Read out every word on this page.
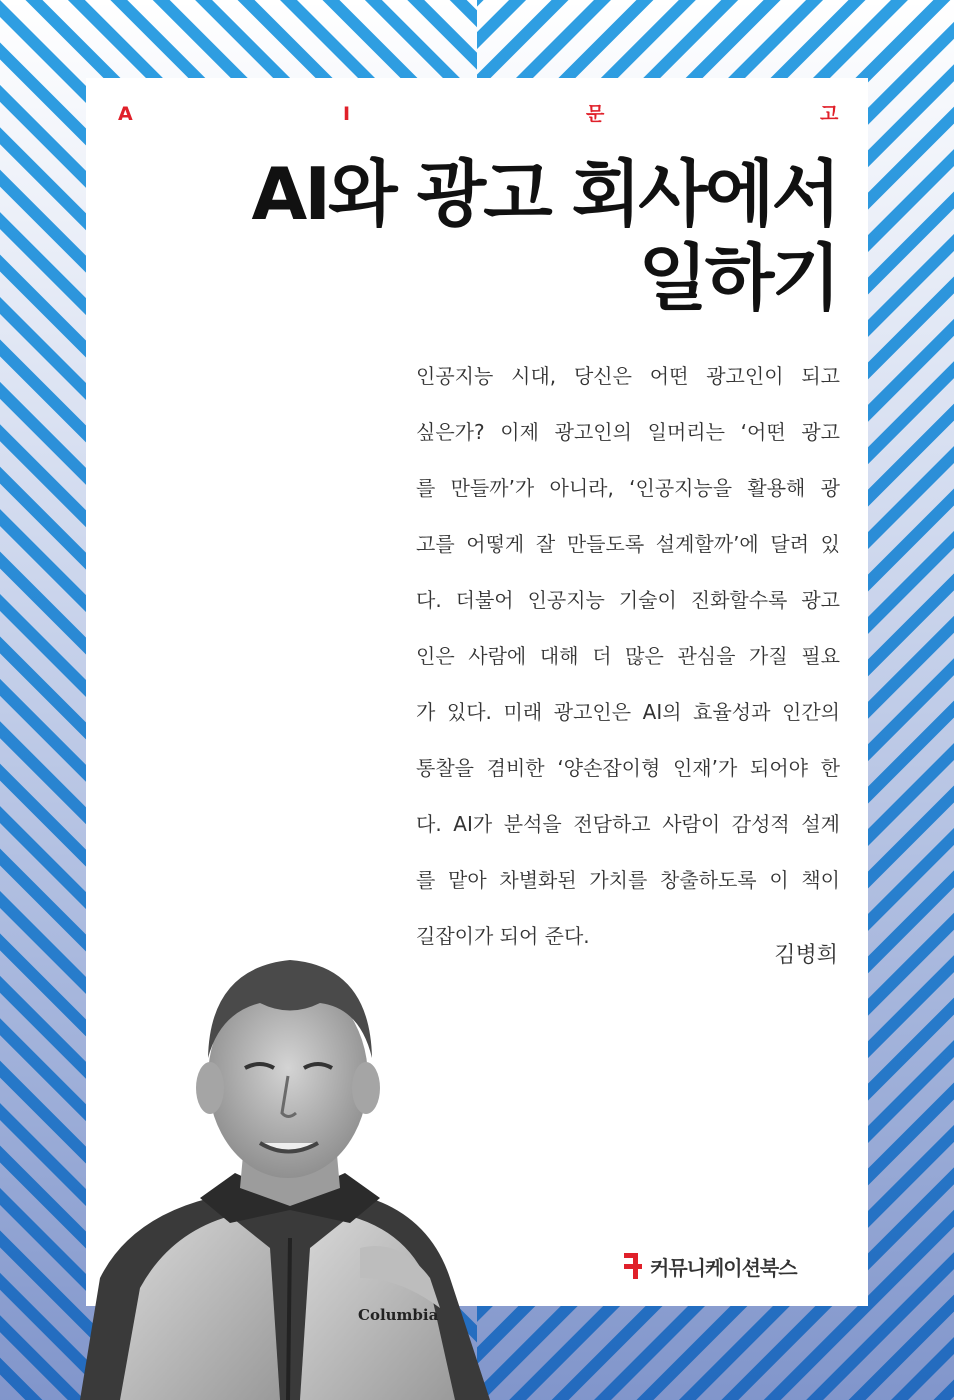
A	I	문	고
AI와 광고 회사에서
일하기
인공지능 시대, 당신은 어떤 광고인이 되고
싶은가? 이제 광고인의 일머리는 ‘어떤 광고
를 만들까’가 아니라, ‘인공지능을 활용해 광
고를 어떻게 잘 만들도록 설계할까’에 달려 있
다. 더불어 인공지능 기술이 진화할수록 광고
인은 사람에 대해 더 많은 관심을 가질 필요
가 있다. 미래 광고인은 AI의 효율성과 인간의
통찰을 겸비한 ‘양손잡이형 인재’가 되어야 한
다. AI가 분석을 전담하고 사람이 감성적 설계
를 맡아 차별화된 가치를 창출하도록 이 책이
길잡이가 되어 준다.
김병희
Columbia
커뮤니케이션북스
